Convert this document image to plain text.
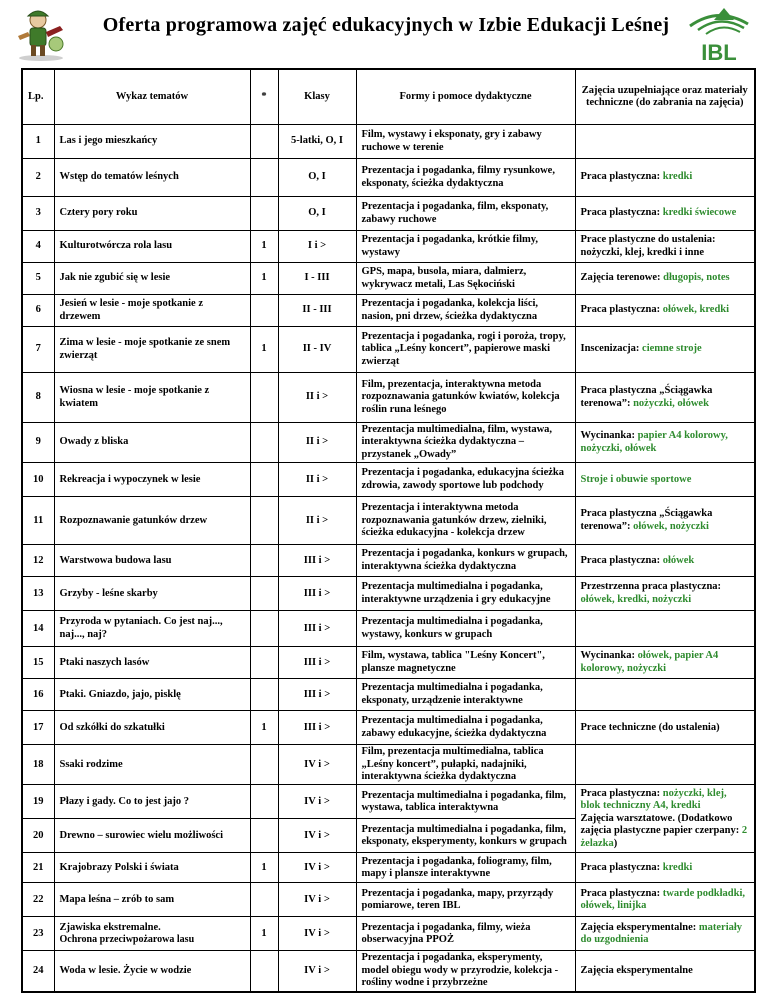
Oferta programowa zajęć edukacyjnych w Izbie Edukacji Leśnej
IBL
Lp.	Wykaz tematów	*	Klasy	Formy i pomoce dydaktyczne	Zajęcia uzupełniające oraz materiały techniczne (do zabrania na zajęcia)
1	Las i jego mieszkańcy		5-latki, O, I	Film, wystawy i eksponaty, gry i zabawy ruchowe w terenie	
2	Wstęp do tematów leśnych		O, I	Prezentacja i pogadanka, filmy rysunkowe, eksponaty, ścieżka dydaktyczna	Praca plastyczna: kredki
3	Cztery pory roku		O, I	Prezentacja i pogadanka, film, eksponaty, zabawy ruchowe	Praca plastyczna: kredki świecowe
4	Kulturotwórcza rola lasu	1	I i >	Prezentacja i pogadanka, krótkie filmy, wystawy	Prace plastyczne do ustalenia: nożyczki, klej, kredki i inne
5	Jak nie zgubić się w lesie	1	I - III	GPS, mapa, busola, miara, dalmierz, wykrywacz metali, Las Sękociński	Zajęcia terenowe: długopis, notes
6	Jesień w lesie - moje spotkanie z drzewem		II - III	Prezentacja i pogadanka, kolekcja liści, nasion, pni drzew, ścieżka dydaktyczna	Praca plastyczna: ołówek, kredki
7	Zima w lesie - moje spotkanie ze snem zwierząt	1	II - IV	Prezentacja i pogadanka, rogi i poroża, tropy, tablica „Leśny koncert”, papierowe maski zwierząt	Inscenizacja: ciemne stroje
8	Wiosna w lesie - moje spotkanie z kwiatem		II i >	Film, prezentacja, interaktywna metoda rozpoznawania gatunków kwiatów, kolekcja roślin runa leśnego	Praca plastyczna „Ściągawka terenowa”: nożyczki, ołówek
9	Owady z bliska		II i >	Prezentacja multimedialna, film, wystawa, interaktywna ścieżka dydaktyczna – przystanek „Owady”	Wycinanka: papier A4 kolorowy, nożyczki, ołówek
10	Rekreacja i wypoczynek w lesie		II i >	Prezentacja i pogadanka, edukacyjna ścieżka zdrowia, zawody sportowe lub podchody	Stroje i obuwie sportowe
11	Rozpoznawanie gatunków drzew		II i >	Prezentacja i interaktywna metoda rozpoznawania gatunków drzew, zielniki, ścieżka edukacyjna - kolekcja drzew	Praca plastyczna „Ściągawka terenowa”: ołówek, nożyczki
12	Warstwowa budowa lasu		III i >	Prezentacja i pogadanka, konkurs w grupach, interaktywna ścieżka dydaktyczna	Praca plastyczna: ołówek
13	Grzyby - leśne skarby		III i >	Prezentacja multimedialna i pogadanka, interaktywne urządzenia i gry edukacyjne	Przestrzenna praca plastyczna: ołówek, kredki, nożyczki
14	Przyroda w pytaniach. Co jest naj..., naj..., naj?		III i >	Prezentacja multimedialna i pogadanka, wystawy, konkurs w grupach	
15	Ptaki naszych lasów		III i >	Film, wystawa, tablica "Leśny Koncert", plansze magnetyczne	Wycinanka: ołówek, papier A4 kolorowy, nożyczki
16	Ptaki. Gniazdo, jajo, pisklę		III i >	Prezentacja multimedialna i pogadanka, eksponaty, urządzenie interaktywne	
17	Od szkółki do szkatułki	1	III i >	Prezentacja multimedialna i pogadanka, zabawy edukacyjne, ścieżka dydaktyczna	Prace techniczne (do ustalenia)
18	Ssaki rodzime		IV i >	Film, prezentacja multimedialna, tablica „Leśny koncert”, pułapki, nadajniki, interaktywna ścieżka dydaktyczna	
19	Płazy i gady. Co to jest jajo ?		IV i >	Prezentacja multimedialna i pogadanka, film, wystawa, tablica interaktywna	Praca plastyczna: nożyczki, klej, blok techniczny A4, kredki
Zajęcia warsztatowe. (Dodatkowo zajęcia plastyczne papier czerpany: 2 żelazka)
20	Drewno – surowiec wielu możliwości		IV i >	Prezentacja multimedialna i pogadanka, film, eksponaty, eksperymenty, konkurs w grupach	
21	Krajobrazy Polski i świata	1	IV i >	Prezentacja i pogadanka, foliogramy, film, mapy i plansze interaktywne	Praca plastyczna: kredki
22	Mapa leśna – zrób to sam		IV i >	Prezentacja i pogadanka, mapy, przyrządy pomiarowe, teren IBL	Praca plastyczna: twarde podkładki, ołówek, linijka
23	Zjawiska ekstremalne.
Ochrona przeciwpożarowa lasu	1	IV i >	Prezentacja i pogadanka, filmy, wieża obserwacyjna PPOŻ	Zajęcia eksperymentalne: materiały do uzgodnienia
24	Woda w lesie. Życie w wodzie		IV i >	Prezentacja i pogadanka, eksperymenty, model obiegu wody w przyrodzie, kolekcja - rośliny wodne i przybrzeżne	Zajęcia eksperymentalne
